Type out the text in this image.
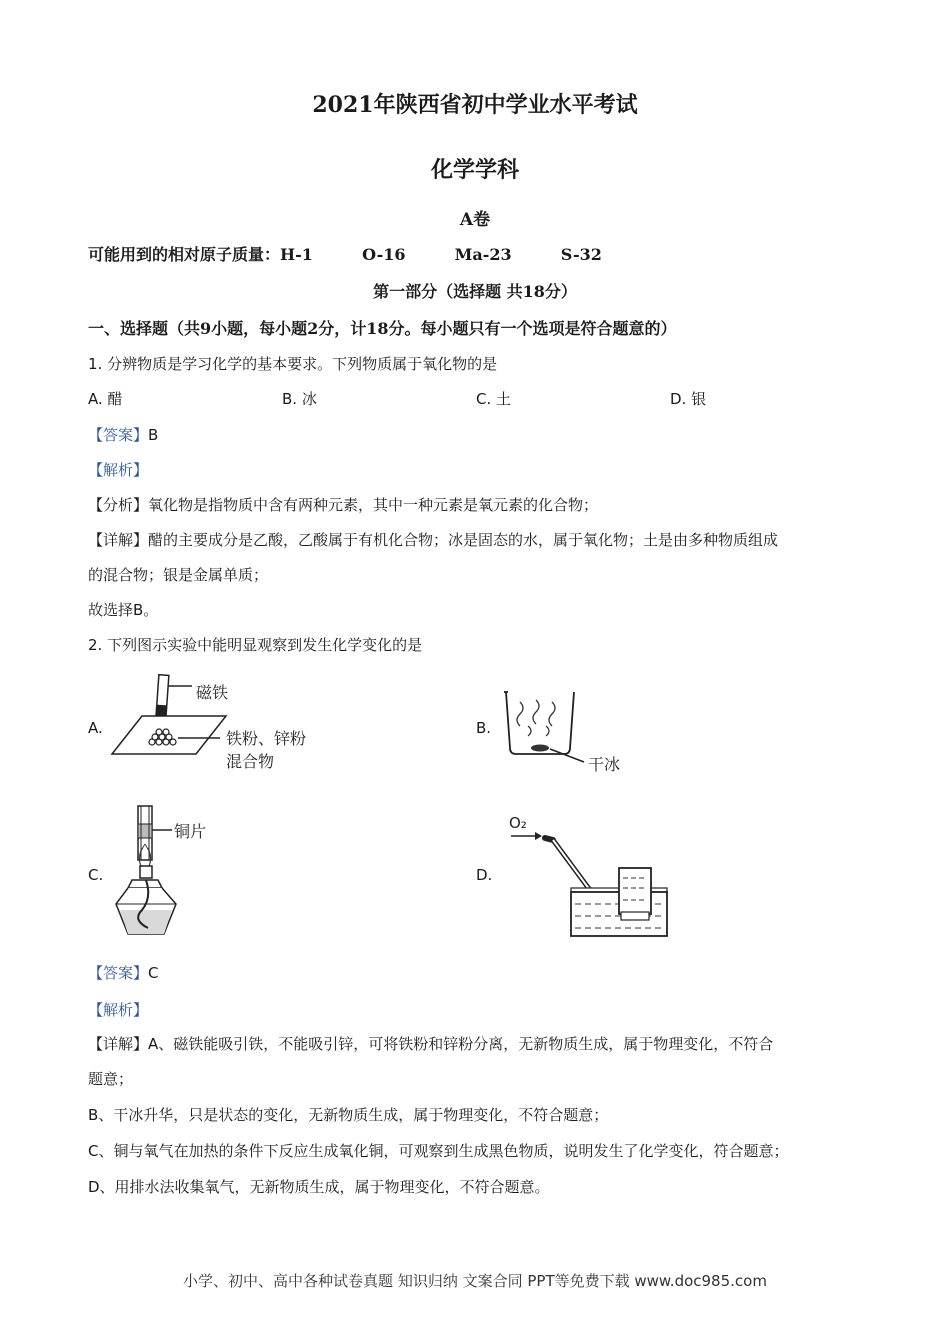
2021年陕西省初中学业水平考试
化学学科
A卷
可能用到的相对原子质量：H-1	O-16	Ma-23	S-32
第一部分（选择题 共18分）
一、选择题（共9小题，每小题2分，计18分。每小题只有一个选项是符合题意的）
1. 分辨物质是学习化学的基本要求。下列物质属于氧化物的是
A. 醋	B. 冰	C. 土	D. 银
【答案】B
【解析】
【分析】氧化物是指物质中含有两种元素，其中一种元素是氧元素的化合物；
【详解】醋的主要成分是乙酸，乙酸属于有机化合物；冰是固态的水，属于氧化物；土是由多种物质组成
的混合物；银是金属单质；
故选择B。
2. 下列图示实验中能明显观察到发生化学变化的是
A.	B.
C.	D.
磁铁
铁粉、锌粉
混合物	干冰
铜片	O₂
【答案】C
【解析】
【详解】A、磁铁能吸引铁，不能吸引锌，可将铁粉和锌粉分离，无新物质生成，属于物理变化，不符合
题意；
B、干冰升华，只是状态的变化，无新物质生成，属于物理变化，不符合题意；
C、铜与氧气在加热的条件下反应生成氧化铜，可观察到生成黑色物质，说明发生了化学变化，符合题意；
D、用排水法收集氧气，无新物质生成，属于物理变化，不符合题意。
小学、初中、高中各种试卷真题 知识归纳 文案合同 PPT等免费下载 www.doc985.com
